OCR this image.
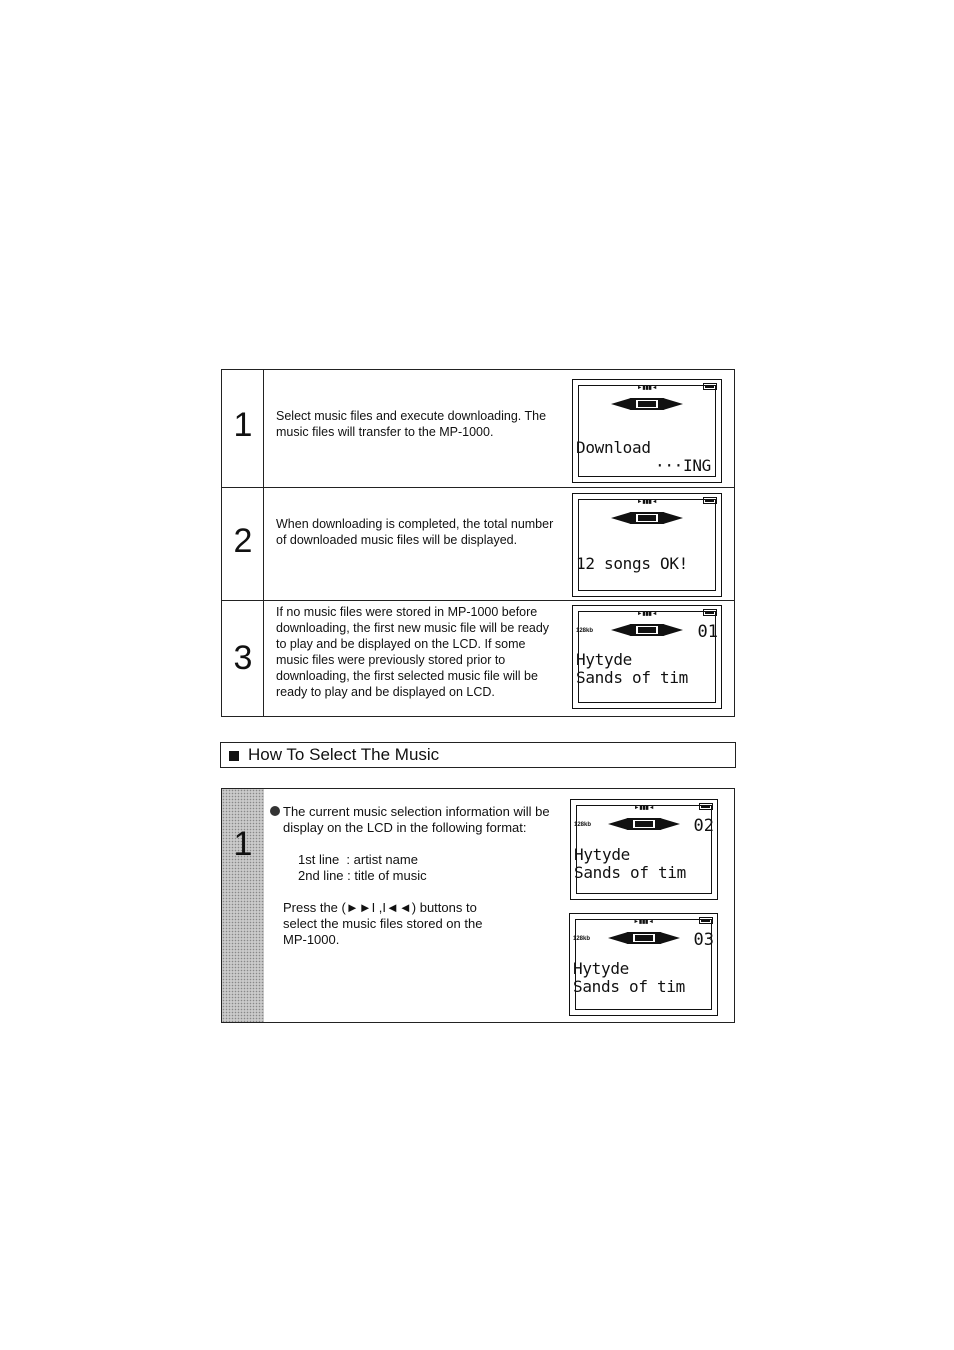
1	Select music files and execute downloading. The music files will transfer to the MP-1000.
▸ ▮▮▮ ◂
Download
···ING
2	When downloading is completed, the total number of downloaded music files will be displayed.
▸ ▮▮▮ ◂
12 songs OK!
3
If no music files were stored in MP-1000 before downloading, the first new music file will be ready to play and be displayed on the LCD. If some music files were previously stored prior to downloading, the first selected music file will be ready to play and be displayed on LCD.
▸ ▮▮▮ ◂
128kb	01
Hytyde
Sands of tim
How To Select The Music
1
The current music selection information will be display on the LCD in the following format:
1st line  : artist name
2nd line : title of music
Press the (►►I ,I◄◄) buttons to select the music files stored on the MP-1000.
▸ ▮▮▮ ◂
128kb	02
Hytyde
Sands of tim
▸ ▮▮▮ ◂
128kb	03
Hytyde
Sands of tim
